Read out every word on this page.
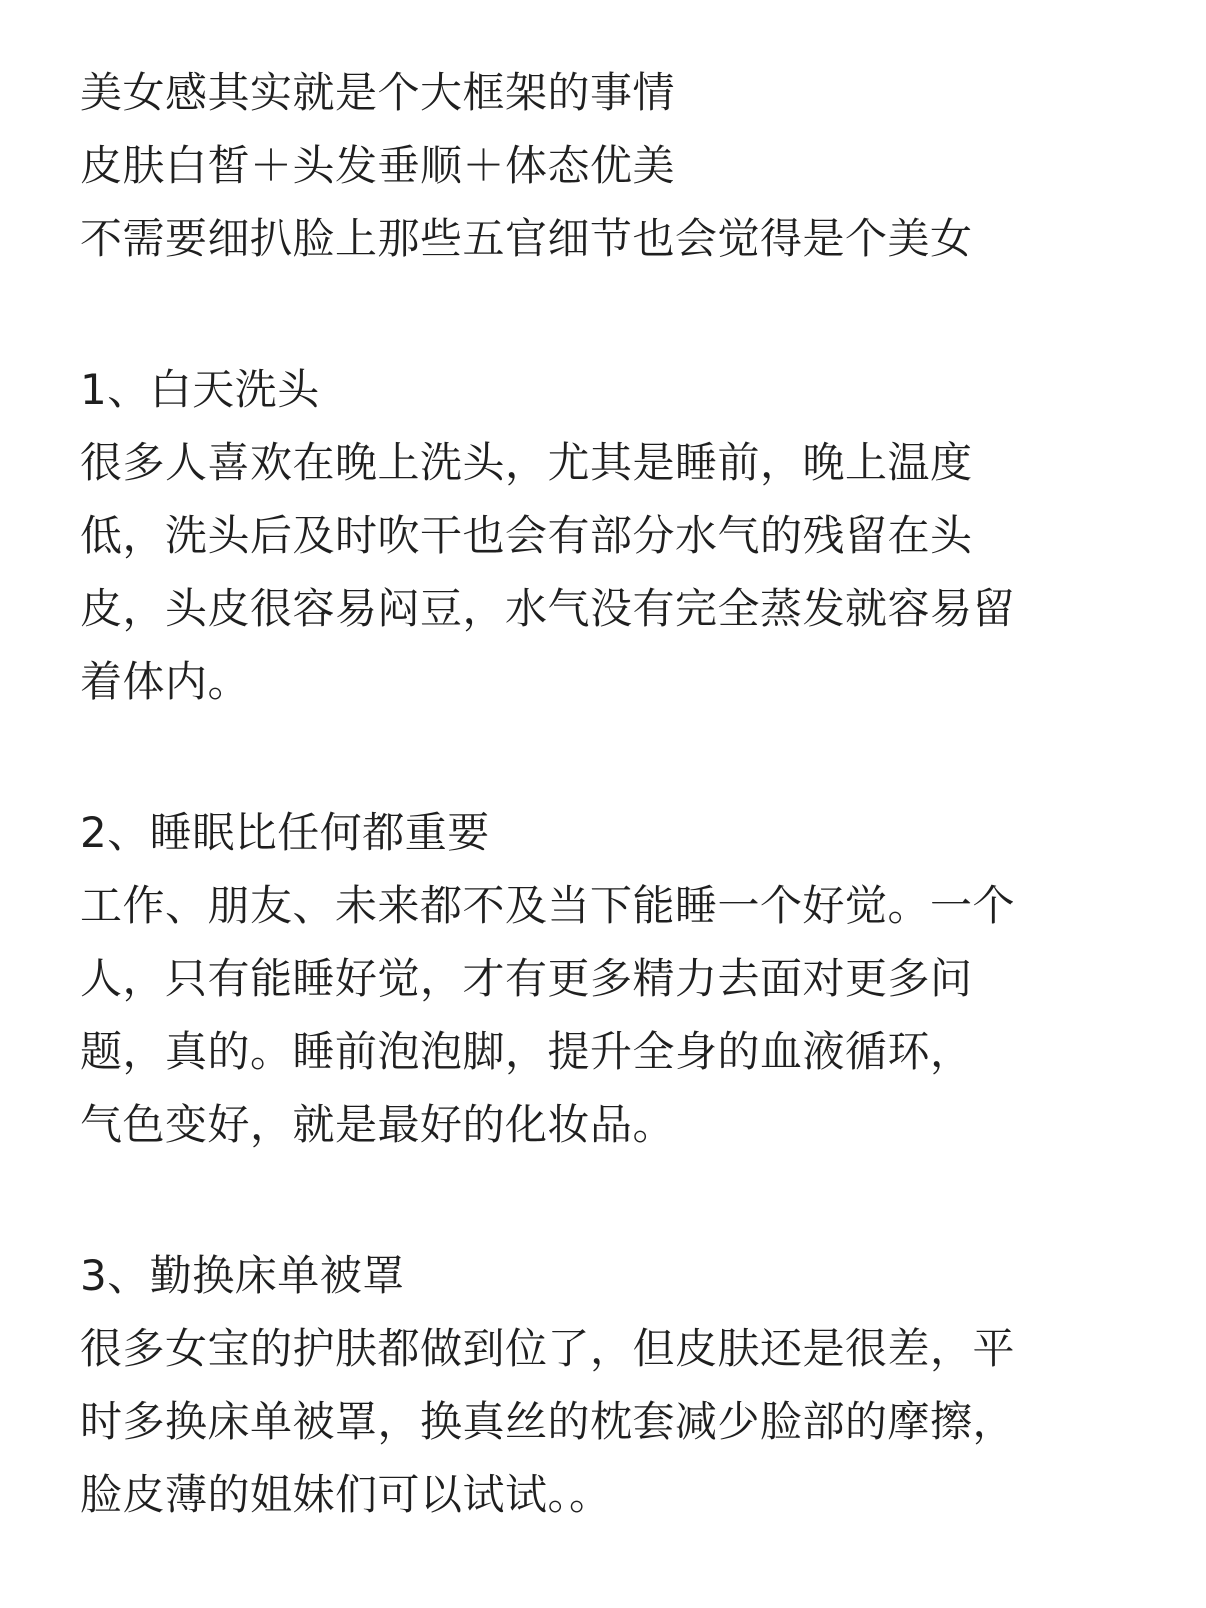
美女感其实就是个大框架的事情
皮肤白皙＋头发垂顺＋体态优美
不需要细扒脸上那些五官细节也会觉得是个美女
1、白天洗头
很多人喜欢在晚上洗头，尤其是睡前，晚上温度
低，洗头后及时吹干也会有部分水气的残留在头
皮，头皮很容易闷豆，水气没有完全蒸发就容易留
着体内。
2、睡眠比任何都重要
工作、朋友、未来都不及当下能睡一个好觉。一个
人，只有能睡好觉，才有更多精力去面对更多问
题，真的。睡前泡泡脚，提升全身的血液循环，
气色变好，就是最好的化妆品。
3、勤换床单被罩
很多女宝的护肤都做到位了，但皮肤还是很差，平
时多换床单被罩，换真丝的枕套减少脸部的摩擦，
脸皮薄的姐妹们可以试试。。
